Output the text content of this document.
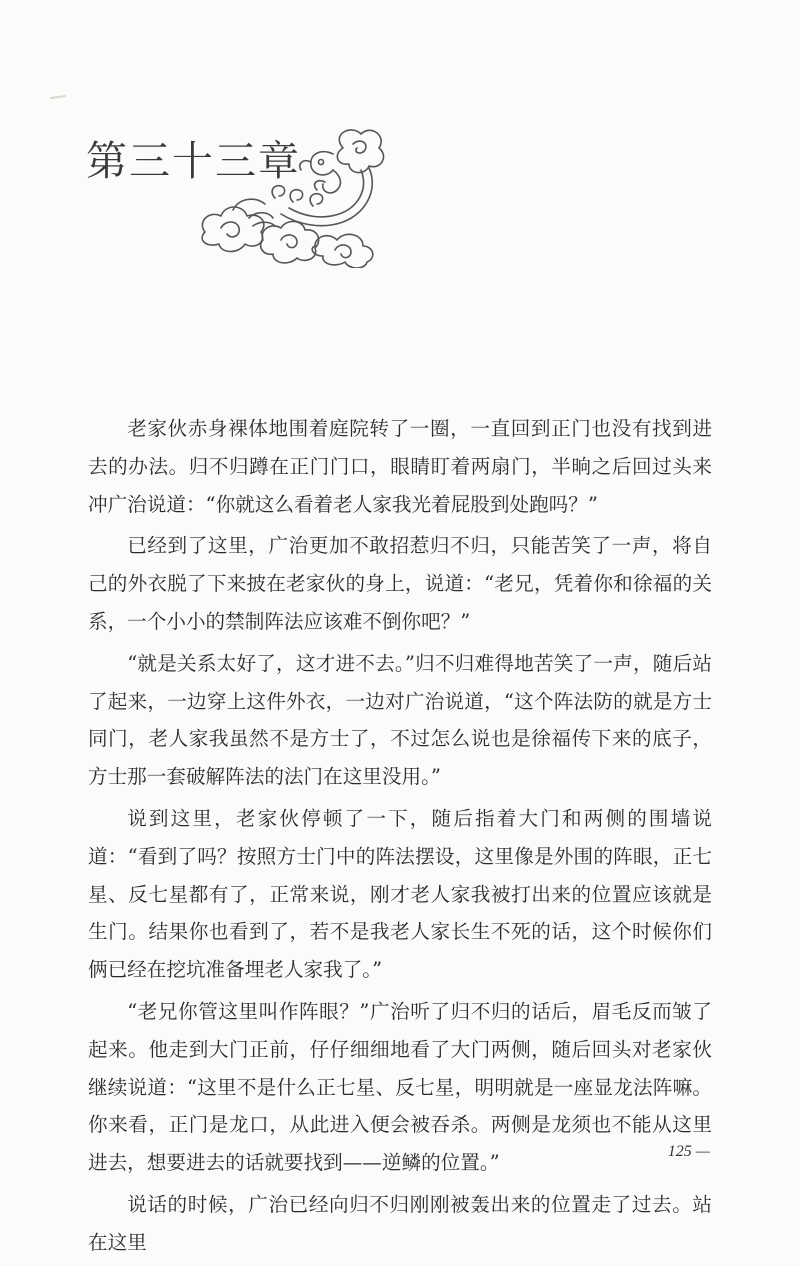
第三十三章

老家伙赤身裸体地围着庭院转了一圈，一直回到正门也没有找到进去的办法。归不归蹲在正门门口，眼睛盯着两扇门，半晌之后回过头来冲广治说道：“你就这么看着老人家我光着屁股到处跑吗？”

已经到了这里，广治更加不敢招惹归不归，只能苦笑了一声，将自己的外衣脱了下来披在老家伙的身上，说道：“老兄，凭着你和徐福的关系，一个小小的禁制阵法应该难不倒你吧？”

“就是关系太好了，这才进不去。”归不归难得地苦笑了一声，随后站了起来，一边穿上这件外衣，一边对广治说道，“这个阵法防的就是方士同门，老人家我虽然不是方士了，不过怎么说也是徐福传下来的底子，方士那一套破解阵法的法门在这里没用。”

说到这里，老家伙停顿了一下，随后指着大门和两侧的围墙说道：“看到了吗？按照方士门中的阵法摆设，这里像是外围的阵眼，正七星、反七星都有了，正常来说，刚才老人家我被打出来的位置应该就是生门。结果你也看到了，若不是我老人家长生不死的话，这个时候你们俩已经在挖坑准备埋老人家我了。”

“老兄你管这里叫作阵眼？”广治听了归不归的话后，眉毛反而皱了起来。他走到大门正前，仔仔细细地看了大门两侧，随后回头对老家伙继续说道：“这里不是什么正七星、反七星，明明就是一座显龙法阵嘛。你来看，正门是龙口，从此进入便会被吞杀。两侧是龙须也不能从这里进去，想要进去的话就要找到——逆鳞的位置。”

说话的时候，广治已经向归不归刚刚被轰出来的位置走了过去。站在这里

125 —
